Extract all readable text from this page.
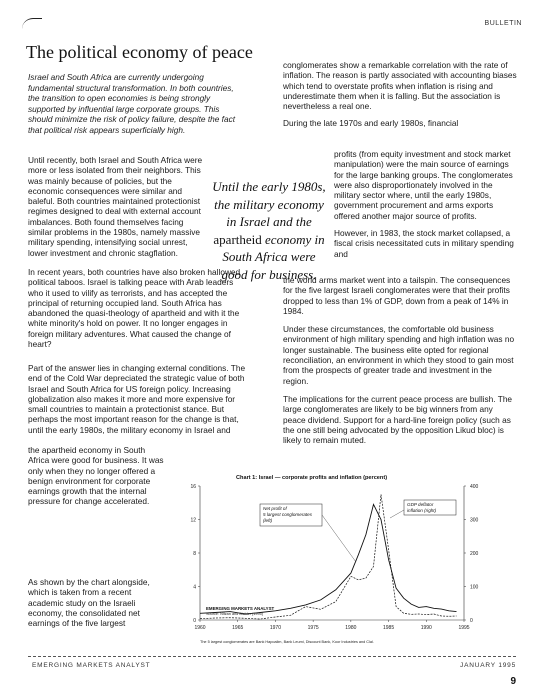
BULLETIN
The political economy of peace
Israel and South Africa are currently undergoing fundamental structural transformation. In both countries, the transition to open economies is being strongly supported by influential large corporate groups. This should minimize the risk of policy failure, despite the fact that political risk appears superficially high.

Until recently, both Israel and South Africa were more or less isolated from their neighbors. This was mainly because of policies, but the economic consequences were similar and baleful. Both countries maintained protectionist regimes designed to deal with external account imbalances. Both found themselves facing similar problems in the 1980s, namely massive military spending, intensifying social unrest, lower investment and chronic stagflation.

In recent years, both countries have also broken hallowed political taboos. Israel is talking peace with Arab leaders who it used to vilify as terrorists, and has accepted the principal of returning occupied land. South Africa has abandoned the quasi-theology of apartheid and with it the white minority's hold on power. It no longer engages in foreign military adventures. What caused the change of heart?

Part of the answer lies in changing external conditions. The end of the Cold War depreciated the strategic value of both Israel and South Africa for US foreign policy. Increasing globalization also makes it more and more expensive for small countries to maintain a protectionist stance. But perhaps the most important reason for the change is that, until the early 1980s, the military economy in Israel and

the apartheid economy in South Africa were good for business. It was only when they no longer offered a benign environment for corporate earnings growth that the internal pressure for change accelerated.

As shown by the chart alongside, which is taken from a recent academic study on the Israeli economy, the consolidated net earnings of the five largest

Until the early 1980s,
the military economy
in Israel and the
apartheid economy in
South Africa were
good for business.

conglomerates show a remarkable correlation with the rate of inflation. The reason is partly associated with accounting biases which tend to overstate profits when inflation is rising and underestimate them when it is falling. But the association is nevertheless a real one.

During the late 1970s and early 1980s, financial

profits (from equity investment and stock market manipulation) were the main source of earnings for the large banking groups. The conglomerates were also disproportionately involved in the military sector where, until the early 1980s, government procurement and arms exports offered another major source of profits.

However, in 1983, the stock market collapsed, a fiscal crisis necessitated cuts in military spending and

the world arms market went into a tailspin. The consequences for the five largest Israeli conglomerates were that their profits dropped to less than 1% of GDP, down from a peak of 14% in 1984.

Under these circumstances, the comfortable old business environment of high military spending and high inflation was no longer sustainable. The business elite opted for regional reconciliation, an environment in which they stood to gain most from the prospects of greater trade and investment in the region.

The implications for the current peace process are bullish. The large conglomerates are likely to be big winners from any peace dividend. Support for a hard-line foreign policy (such as the one still being advocated by the opposition Likud bloc) is likely to remain muted.

Chart 1: Israel — corporate profits and inflation (percent)
0
4
8
12
16
0
100
200
300
400
1960	1965	1970	1975	1980	1985	1990	1995
Net profit of
5 largest conglomerates
(left)
GDP deflator
inflation (right)
EMERGING MARKETS ANALYST
Source: Nitzan and Bichler (1995)
The 5 largest conglomerates are Bank Hapoalim, Bank Leumi, Discount Bank, Koor Industries and Clal.
EMERGING MARKETS ANALYST	JANUARY 1995
9
